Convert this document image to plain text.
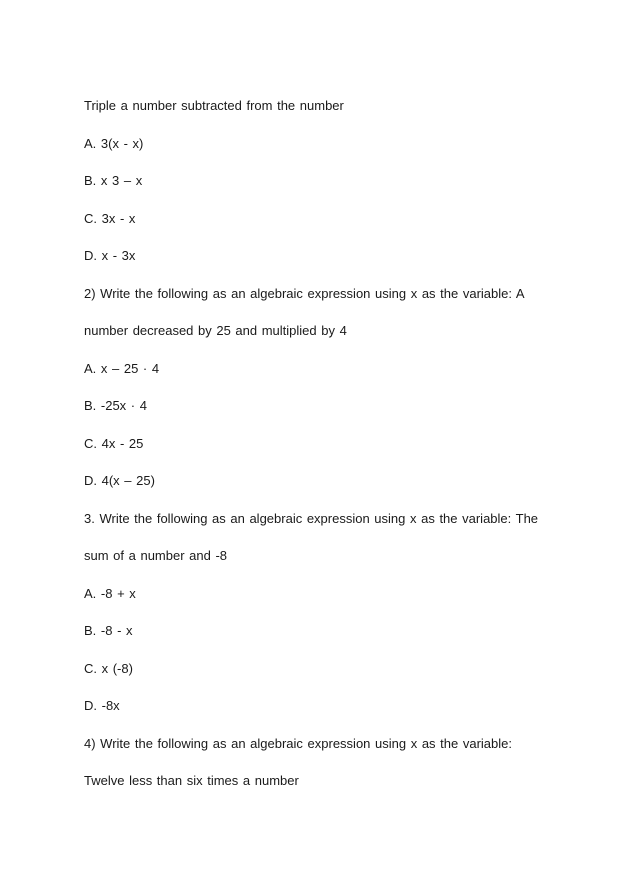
Triple a number subtracted from the number
A. 3(x - x)
B. x 3 – x
C. 3x - x
D. x - 3x
2) Write the following as an algebraic expression using x as the variable: A
number decreased by 25 and multiplied by 4
A. x – 25 · 4
B. -25x · 4
C. 4x - 25
D. 4(x – 25)
3. Write the following as an algebraic expression using x as the variable: The
sum of a number and -8
A. -8 + x
B. -8 - x
C. x (-8)
D. -8x
4) Write the following as an algebraic expression using x as the variable:
Twelve less than six times a number
